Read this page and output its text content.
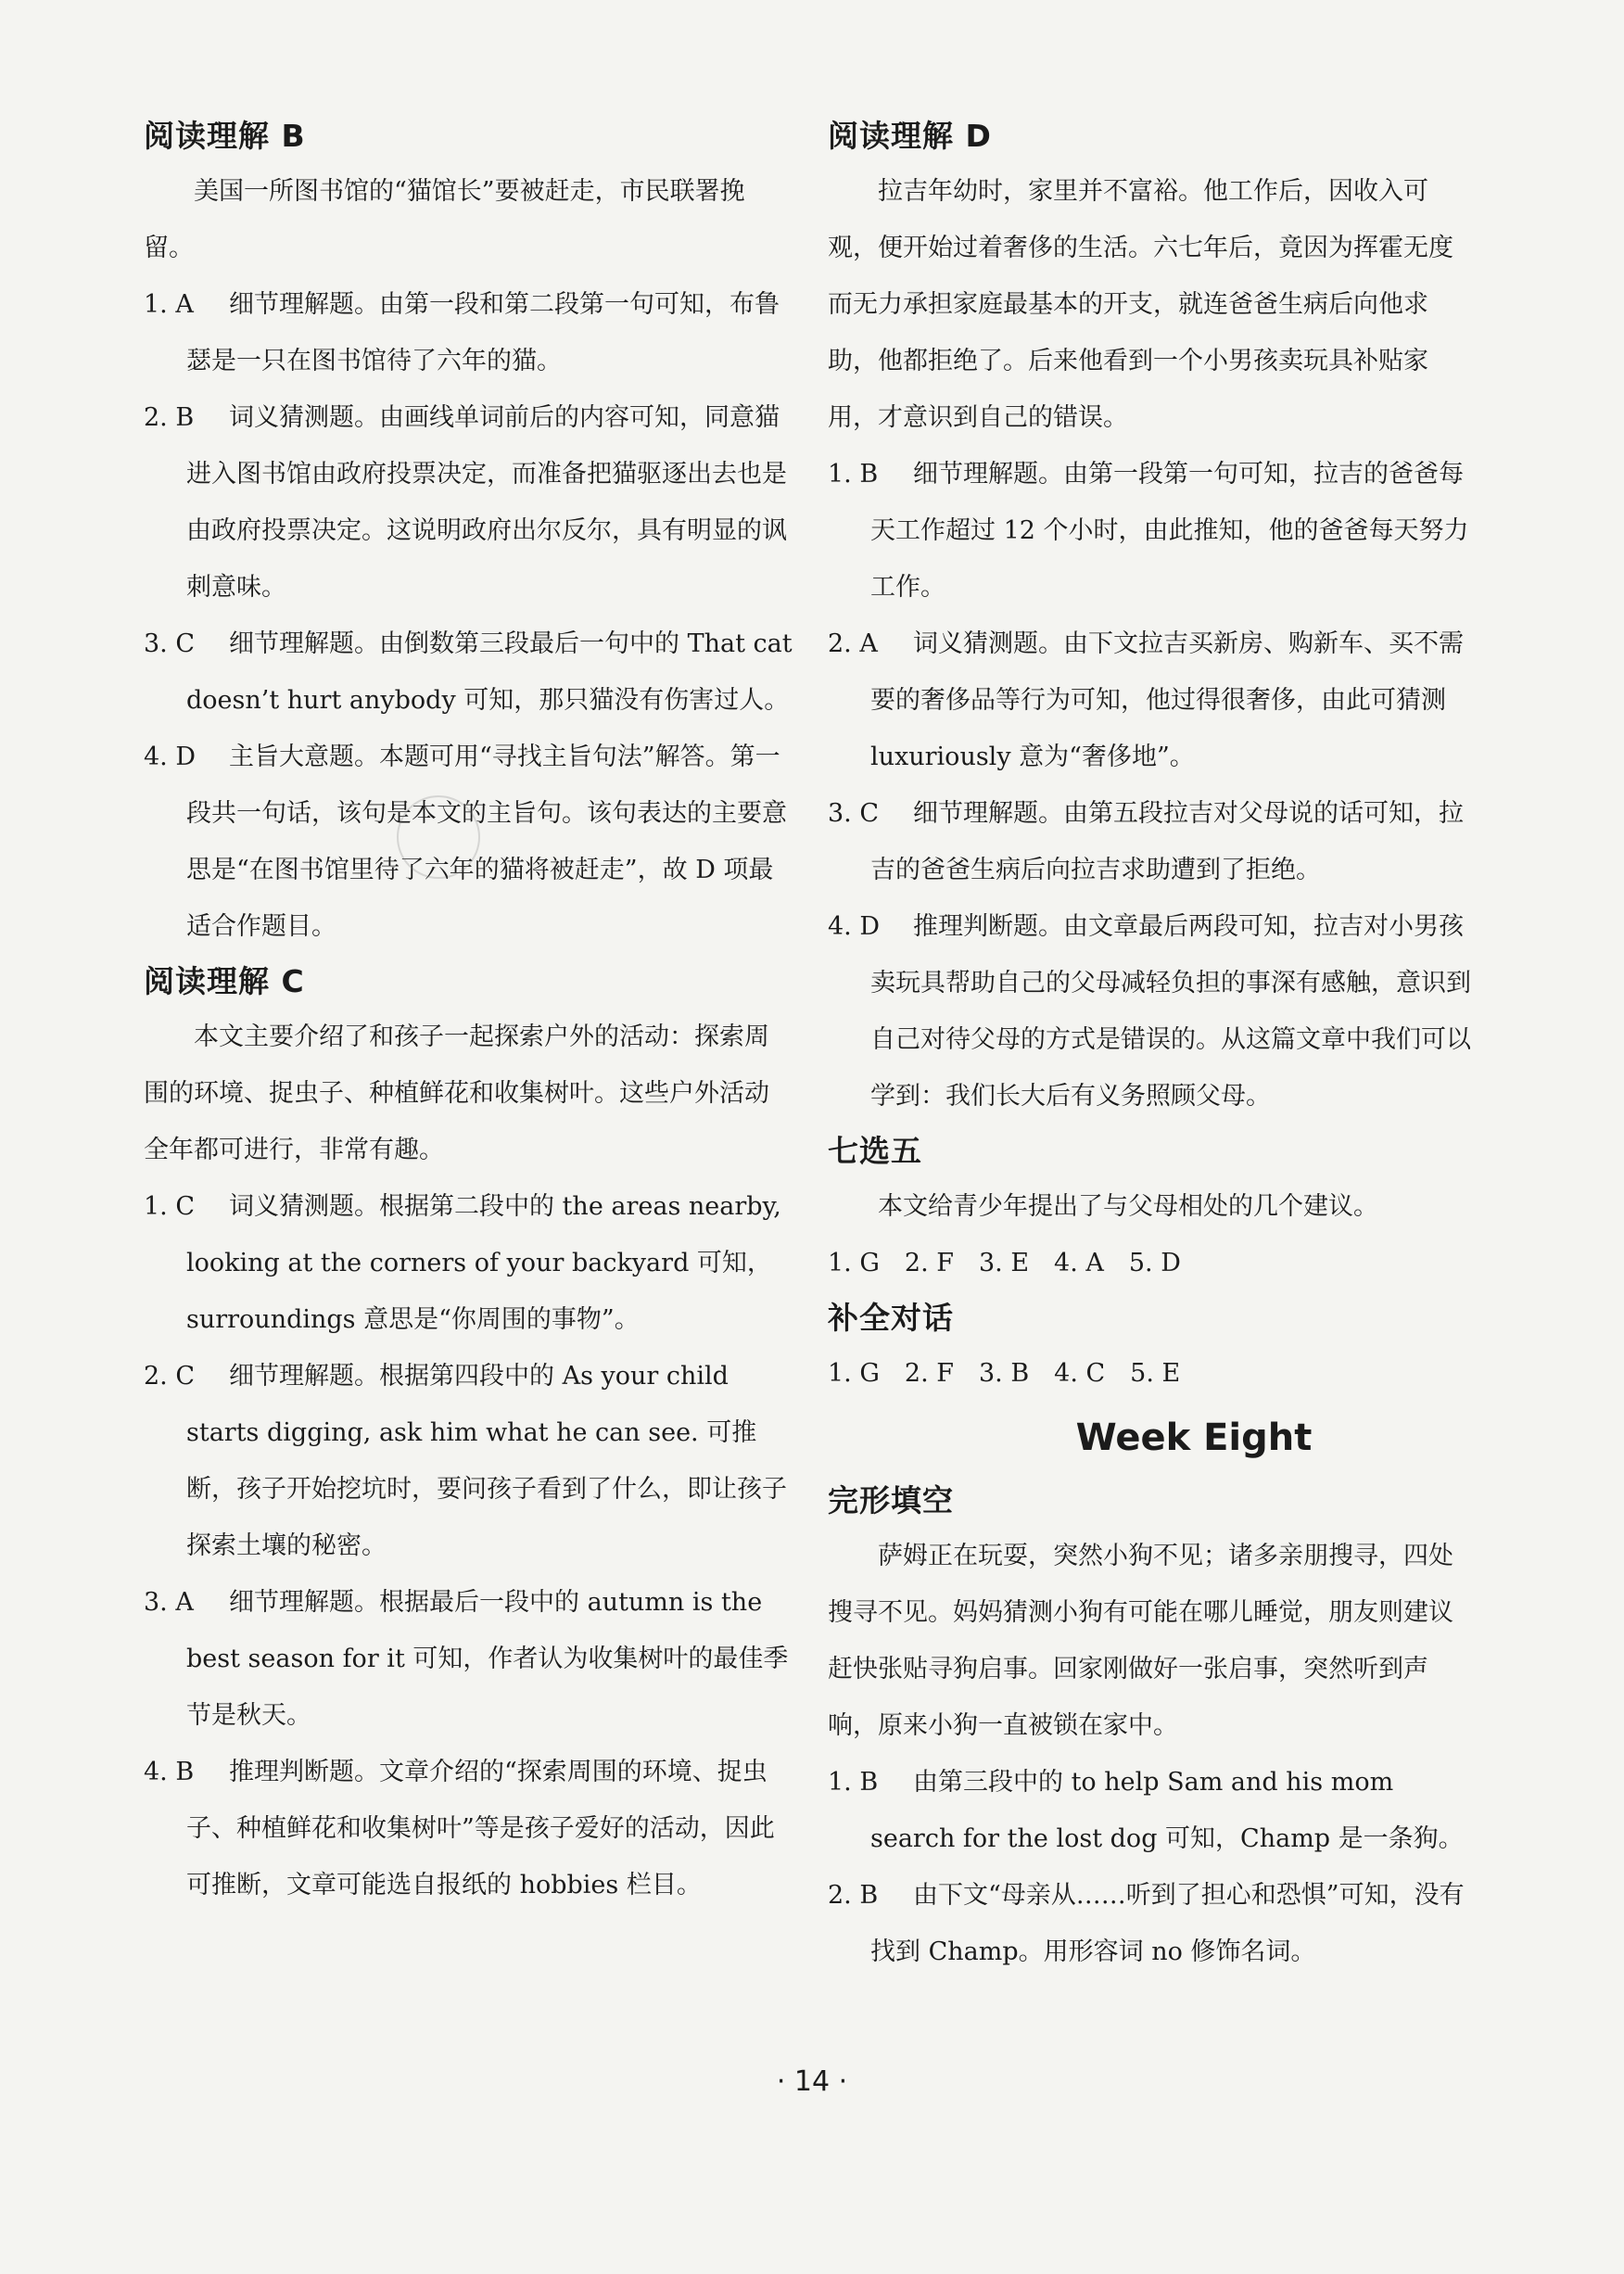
阅读理解 B

美国一所图书馆的“猫馆长”要被赶走，市民联署挽留。

1. A 细节理解题。由第一段和第二段第一句可知，布鲁瑟是一只在图书馆待了六年的猫。

2. B 词义猜测题。由画线单词前后的内容可知，同意猫进入图书馆由政府投票决定，而准备把猫驱逐出去也是由政府投票决定。这说明政府出尔反尔，具有明显的讽刺意味。

3. C 细节理解题。由倒数第三段最后一句中的 That cat doesn’t hurt anybody 可知，那只猫没有伤害过人。

4. D 主旨大意题。本题可用“寻找主旨句法”解答。第一段共一句话，该句是本文的主旨句。该句表达的主要意思是“在图书馆里待了六年的猫将被赶走”，故 D 项最适合作题目。

阅读理解 C

本文主要介绍了和孩子一起探索户外的活动：探索周围的环境、捉虫子、种植鲜花和收集树叶。这些户外活动全年都可进行，非常有趣。

1. C 词义猜测题。根据第二段中的 the areas nearby, looking at the corners of your backyard 可知，surroundings 意思是“你周围的事物”。

2. C 细节理解题。根据第四段中的 As your child starts digging, ask him what he can see. 可推断，孩子开始挖坑时，要问孩子看到了什么，即让孩子探索土壤的秘密。

3. A 细节理解题。根据最后一段中的 autumn is the best season for it 可知，作者认为收集树叶的最佳季节是秋天。

4. B 推理判断题。文章介绍的“探索周围的环境、捉虫子、种植鲜花和收集树叶”等是孩子爱好的活动，因此可推断，文章可能选自报纸的 hobbies 栏目。

阅读理解 D

拉吉年幼时，家里并不富裕。他工作后，因收入可观，便开始过着奢侈的生活。六七年后，竟因为挥霍无度而无力承担家庭最基本的开支，就连爸爸生病后向他求助，他都拒绝了。后来他看到一个小男孩卖玩具补贴家用，才意识到自己的错误。

1. B 细节理解题。由第一段第一句可知，拉吉的爸爸每天工作超过 12 个小时，由此推知，他的爸爸每天努力工作。

2. A 词义猜测题。由下文拉吉买新房、购新车、买不需要的奢侈品等行为可知，他过得很奢侈，由此可猜测 luxuriously 意为“奢侈地”。

3. C 细节理解题。由第五段拉吉对父母说的话可知，拉吉的爸爸生病后向拉吉求助遭到了拒绝。

4. D 推理判断题。由文章最后两段可知，拉吉对小男孩卖玩具帮助自己的父母减轻负担的事深有感触，意识到自己对待父母的方式是错误的。从这篇文章中我们可以学到：我们长大后有义务照顾父母。

七选五

本文给青少年提出了与父母相处的几个建议。

1. G　2. F　3. E　4. A　5. D

补全对话

1. G　2. F　3. B　4. C　5. E

Week Eight

完形填空

萨姆正在玩耍，突然小狗不见；诸多亲朋搜寻，四处搜寻不见。妈妈猜测小狗有可能在哪儿睡觉，朋友则建议赶快张贴寻狗启事。回家刚做好一张启事，突然听到声响，原来小狗一直被锁在家中。

1. B 由第三段中的 to help Sam and his mom search for the lost dog 可知，Champ 是一条狗。

2. B 由下文“母亲从……听到了担心和恐惧”可知，没有找到 Champ。用形容词 no 修饰名词。

· 14 ·
